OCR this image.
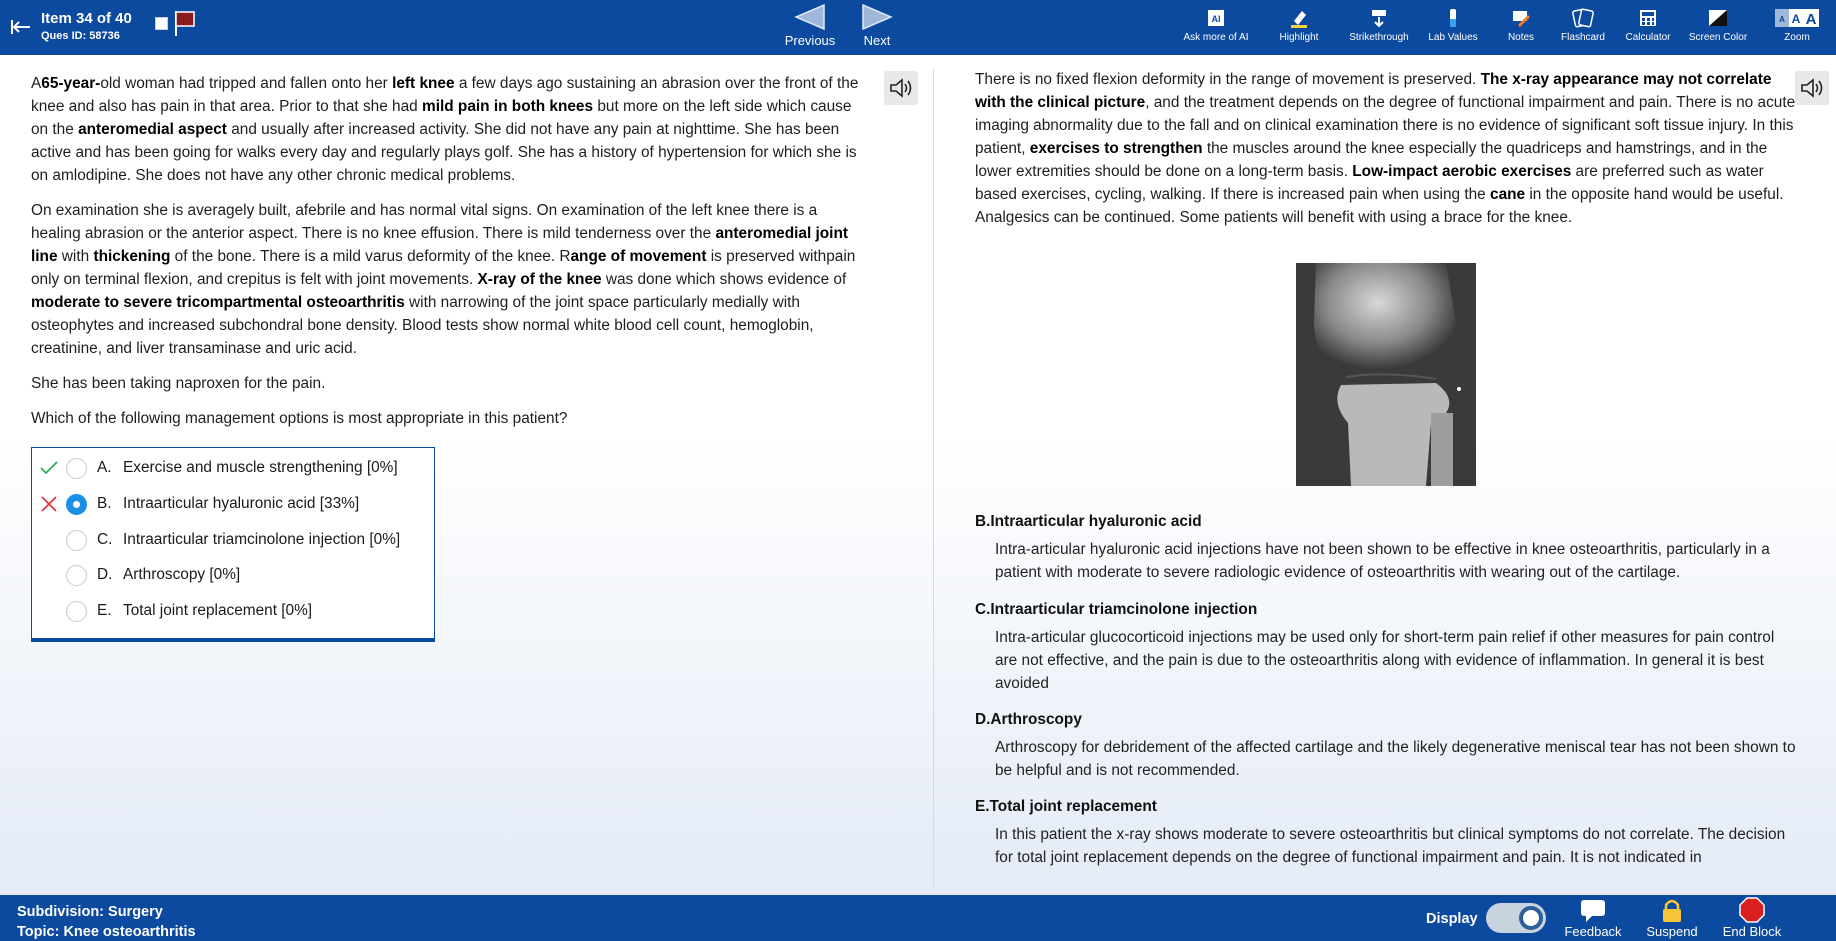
Item 34 of 40
Ques ID: 58736	Previous	Next
AI
Ask more of AI	Highlight	Strikethrough	Lab Values	Notes	Flashcard	Calculator	Screen Color
A A A
Zoom

A65-year-old woman had tripped and fallen onto her left knee a few days ago sustaining an abrasion over the front of the knee and also has pain in that area. Prior to that she had mild pain in both knees but more on the left side which cause on the anteromedial aspect and usually after increased activity. She did not have any pain at nighttime. She has been active and has been going for walks every day and regularly plays golf. She has a history of hypertension for which she is on amlodipine. She does not have any other chronic medical problems.

On examination she is averagely built, afebrile and has normal vital signs. On examination of the left knee there is a healing abrasion or the anterior aspect. There is no knee effusion. There is mild tenderness over the anteromedial joint line with thickening of the bone. There is a mild varus deformity of the knee. Range of movement is preserved withpain only on terminal flexion, and crepitus is felt with joint movements. X-ray of the knee was done which shows evidence of moderate to severe tricompartmental osteoarthritis with narrowing of the joint space particularly medially with osteophytes and increased subchondral bone density. Blood tests show normal white blood cell count, hemoglobin, creatinine, and liver transaminase and uric acid.

She has been taking naproxen for the pain.

Which of the following management options is most appropriate in this patient?

A. Exercise and muscle strengthening [0%]
B. Intraarticular hyaluronic acid [33%]
C. Intraarticular triamcinolone injection [0%]
D. Arthroscopy [0%]
E. Total joint replacement [0%]

There is no fixed flexion deformity in the range of movement is preserved. The x-ray appearance may not correlate with the clinical picture, and the treatment depends on the degree of functional impairment and pain. There is no acute imaging abnormality due to the fall and on clinical examination there is no evidence of significant soft tissue injury. In this patient, exercises to strengthen the muscles around the knee especially the quadriceps and hamstrings, and in the lower extremities should be done on a long-term basis. Low-impact aerobic exercises are preferred such as water based exercises, cycling, walking. If there is increased pain when using the cane in the opposite hand would be useful. Analgesics can be continued. Some patients will benefit with using a brace for the knee.

B.Intraarticular hyaluronic acid
Intra-articular hyaluronic acid injections have not been shown to be effective in knee osteoarthritis, particularly in a patient with moderate to severe radiologic evidence of osteoarthritis with wearing out of the cartilage.
C.Intraarticular triamcinolone injection
Intra-articular glucocorticoid injections may be used only for short-term pain relief if other measures for pain control are not effective, and the pain is due to the osteoarthritis along with evidence of inflammation. In general it is best avoided
D.Arthroscopy
Arthroscopy for debridement of the affected cartilage and the likely degenerative meniscal tear has not been shown to be helpful and is not recommended.
E.Total joint replacement
In this patient the x-ray shows moderate to severe osteoarthritis but clinical symptoms do not correlate. The decision for total joint replacement depends on the degree of functional impairment and pain. It is not indicated in
Subdivision: Surgery
Topic: Knee osteoarthritis
Display
Feedback	Suspend	End Block
